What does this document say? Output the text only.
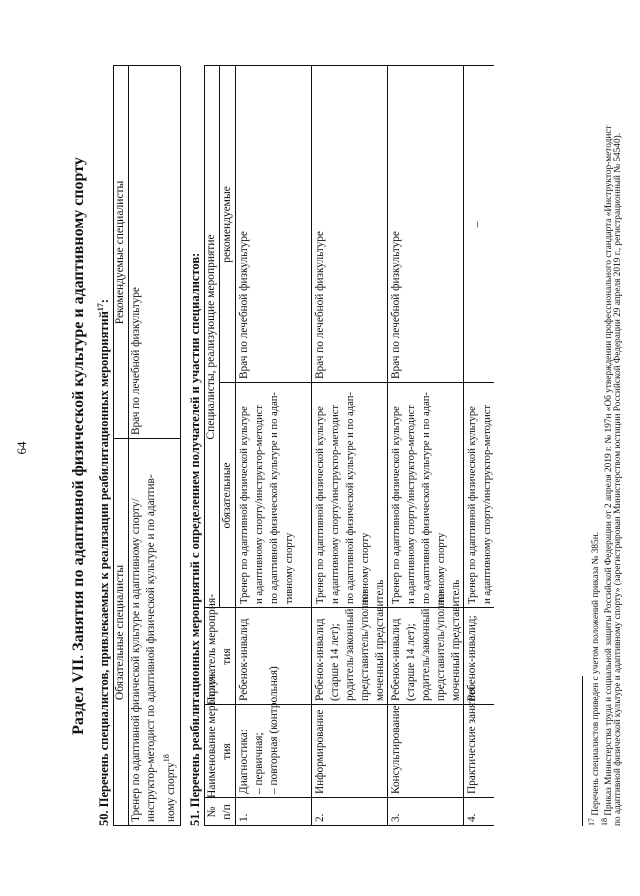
64	Раздел VII. Занятия по адаптивной физической культуре и адаптивному спорту 50. Перечень специалистов, привлекаемых к реализации реабилитационных мероприятий$^{17}$:
Обязательные специалисты
Рекомендуемые специалисты
Тренер по адаптивной физической культуре и адаптивному спорту/ инструктор-методист по адаптивной физической культуре и по адаптив- ному спорту$^{18}$
Врач по лечебной физкультуре	51. Перечень реабилитационных мероприятий с определением получателей и участии специалистов: № п/п
Наименование мероприя- тия
Получатель мероприя- тия
Специалисты, реализующие мероприятие
обязательные
рекомендуемые
1.
Диагностика: – первичная; – повторная (контрольная)
Ребенок-инвалид
Тренер по адаптивной физической культуре и адаптивному спорту/инструктор-методист по адаптивной физической культуре и по адап- тивному спорту
Врач по лечебной физкультуре
2.
Информирование
Ребенок-инвалид (старше 14 лет); родитель/законный представитель/уполно- моченный представитель
Тренер по адаптивной физической культуре и адаптивному спорту/инструктор-методист по адаптивной физической культуре и по адап- тивному спорту
Врач по лечебной физкультуре
3.
Консультирование
Ребенок-инвалид (старше 14 лет); родитель/законный представитель/уполно- моченный представитель
Тренер по адаптивной физической культуре и адаптивному спорту/инструктор-методист по адаптивной физической культуре и по адап- тивному спорту
Врач по лечебной физкультуре
4.
Практические занятия
Ребенок-инвалид;
Тренер по адаптивной физической культуре и адаптивному спорту/инструктор-методист
–
$^{17}$ Перечень специалистов приведен с учетом положений приказа № 385н.
$^{18}$ Приказ Министерства труда и социальной защиты Российской Федерации от 2 апреля 2019 г. № 197н «Об утверждении профессионального стандарта «Инструктор-методист
по адаптивной физической культуре и адаптивному спорту» (зарегистрирован Министерством юстиции Российской Федерации 29 апреля 2019 г., регистрационный № 54540).
